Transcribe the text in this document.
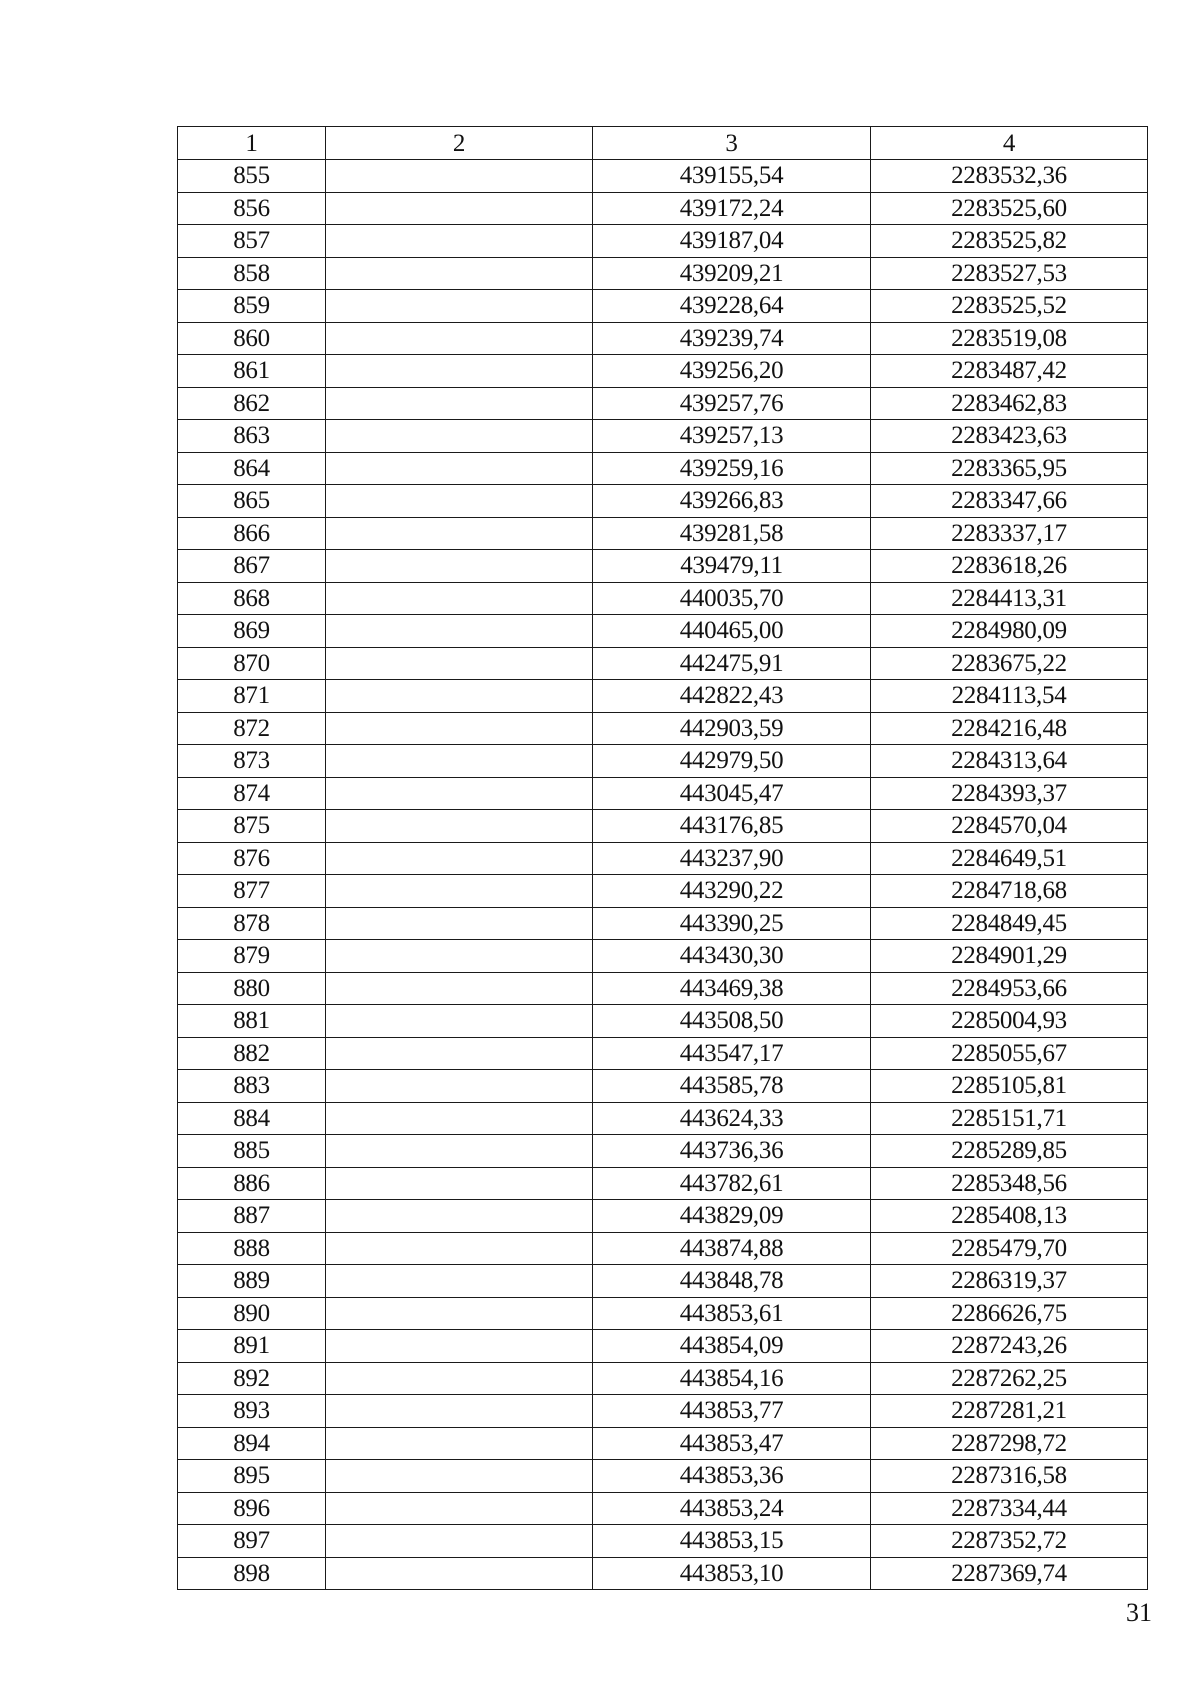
1	2	3	4
855		439155,54	2283532,36
856		439172,24	2283525,60
857		439187,04	2283525,82
858		439209,21	2283527,53
859		439228,64	2283525,52
860		439239,74	2283519,08
861		439256,20	2283487,42
862		439257,76	2283462,83
863		439257,13	2283423,63
864		439259,16	2283365,95
865		439266,83	2283347,66
866		439281,58	2283337,17
867		439479,11	2283618,26
868		440035,70	2284413,31
869		440465,00	2284980,09
870		442475,91	2283675,22
871		442822,43	2284113,54
872		442903,59	2284216,48
873		442979,50	2284313,64
874		443045,47	2284393,37
875		443176,85	2284570,04
876		443237,90	2284649,51
877		443290,22	2284718,68
878		443390,25	2284849,45
879		443430,30	2284901,29
880		443469,38	2284953,66
881		443508,50	2285004,93
882		443547,17	2285055,67
883		443585,78	2285105,81
884		443624,33	2285151,71
885		443736,36	2285289,85
886		443782,61	2285348,56
887		443829,09	2285408,13
888		443874,88	2285479,70
889		443848,78	2286319,37
890		443853,61	2286626,75
891		443854,09	2287243,26
892		443854,16	2287262,25
893		443853,77	2287281,21
894		443853,47	2287298,72
895		443853,36	2287316,58
896		443853,24	2287334,44
897		443853,15	2287352,72
898		443853,10	2287369,74
31
